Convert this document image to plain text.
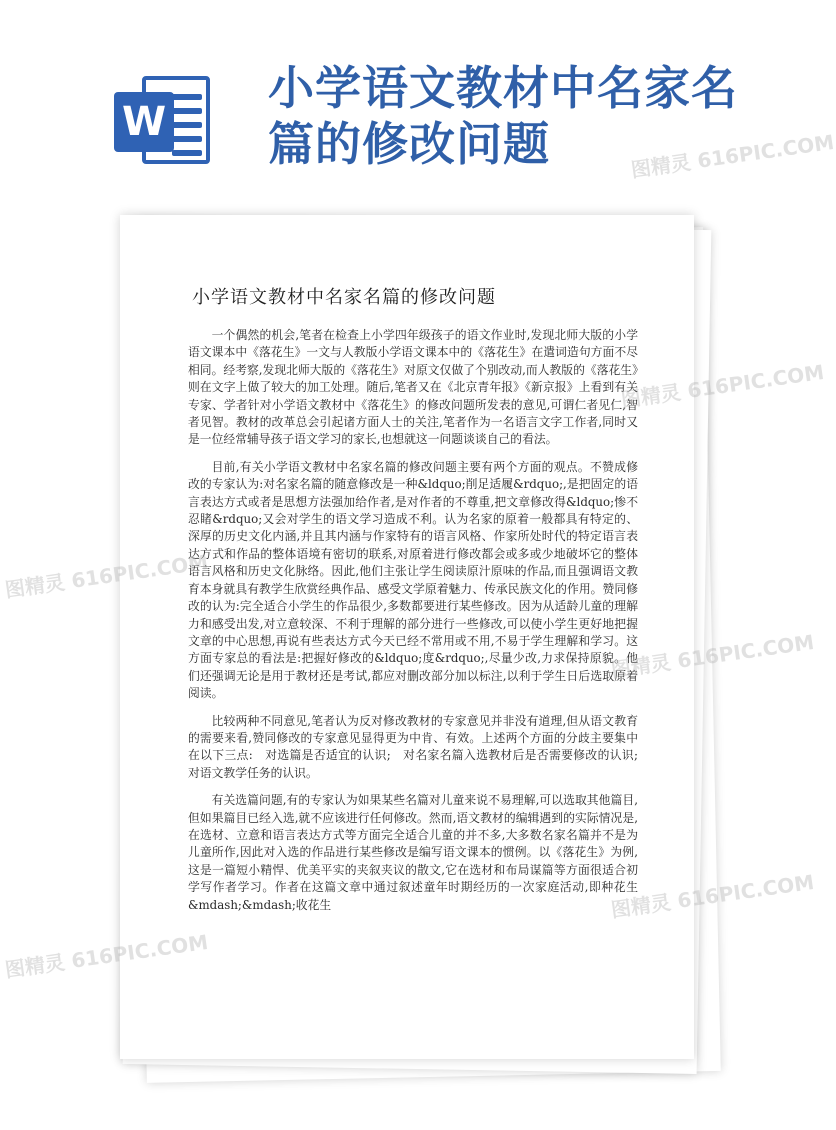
W
小学语文教材中名家名篇的修改问题
小学语文教材中名家名篇的修改问题

一个偶然的机会,笔者在检查上小学四年级孩子的语文作业时,发现北师大版的小学语文课本中《落花生》一文与人教版小学语文课本中的《落花生》在遣词造句方面不尽相同。经考察,发现北师大版的《落花生》对原文仅做了个别改动,而人教版的《落花生》则在文字上做了较大的加工处理。随后,笔者又在《北京青年报》《新京报》上看到有关专家、学者针对小学语文教材中《落花生》的修改问题所发表的意见,可谓仁者见仁,智者见智。教材的改革总会引起诸方面人士的关注,笔者作为一名语言文字工作者,同时又是一位经常辅导孩子语文学习的家长,也想就这一问题谈谈自己的看法。

目前,有关小学语文教材中名家名篇的修改问题主要有两个方面的观点。不赞成修改的专家认为:对名家名篇的随意修改是一种&ldquo;削足适履&rdquo;,是把固定的语言表达方式或者是思想方法强加给作者,是对作者的不尊重,把文章修改得&ldquo;惨不忍睹&rdquo;又会对学生的语文学习造成不利。认为名家的原着一般都具有特定的、深厚的历史文化内涵,并且其内涵与作家特有的语言风格、作家所处时代的特定语言表达方式和作品的整体语境有密切的联系,对原着进行修改都会或多或少地破坏它的整体语言风格和历史文化脉络。因此,他们主张让学生阅读原汁原味的作品,而且强调语文教育本身就具有教学生欣赏经典作品、感受文学原着魅力、传承民族文化的作用。赞同修改的认为:完全适合小学生的作品很少,多数都要进行某些修改。因为从适龄儿童的理解力和感受出发,对立意较深、不利于理解的部分进行一些修改,可以使小学生更好地把握文章的中心思想,再说有些表达方式今天已经不常用或不用,不易于学生理解和学习。这方面专家总的看法是:把握好修改的&ldquo;度&rdquo;,尽量少改,力求保持原貌。他们还强调无论是用于教材还是考试,都应对删改部分加以标注,以利于学生日后选取原着阅读。

比较两种不同意见,笔者认为反对修改教材的专家意见并非没有道理,但从语文教育的需要来看,赞同修改的专家意见显得更为中肯、有效。上述两个方面的分歧主要集中在以下三点:　对选篇是否适宜的认识;　对名家名篇入选教材后是否需要修改的认识;　对语文教学任务的认识。

有关选篇问题,有的专家认为如果某些名篇对儿童来说不易理解,可以选取其他篇目,但如果篇目已经入选,就不应该进行任何修改。然而,语文教材的编辑遇到的实际情况是,在选材、立意和语言表达方式等方面完全适合儿童的并不多,大多数名家名篇并不是为儿童所作,因此对入选的作品进行某些修改是编写语文课本的惯例。以《落花生》为例,这是一篇短小精悍、优美平实的夹叙夹议的散文,它在选材和布局谋篇等方面很适合初学写作者学习。作者在这篇文章中通过叙述童年时期经历的一次家庭活动,即种花生&mdash;&mdash;收花生

图精灵 616PIC.COM
图精灵 616PIC.COM
图精灵 616PIC.COM
图精灵 616PIC.COM
图精灵 616PIC.COM
图精灵 616PIC.COM
